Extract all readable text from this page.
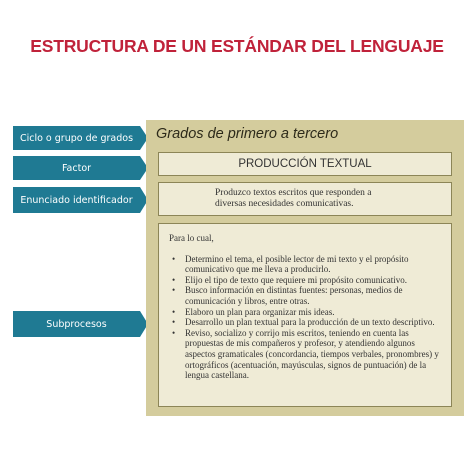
ESTRUCTURA DE UN ESTÁNDAR DEL LENGUAJE
Ciclo o grupo de grados
Factor
Enunciado identificador
Subprocesos
Grados de primero a tercero
PRODUCCIÓN TEXTUAL
Produzco textos escritos que responden a
diversas necesidades comunicativas.
Para lo cual,
• Determino el tema, el posible lector de mi texto y el propósito comunicativo que me lleva a producirlo.
• Elijo el tipo de texto que requiere mi propósito comunicativo.
• Busco información en distintas fuentes: personas, medios de comunicación y libros, entre otras.
• Elaboro un plan para organizar mis ideas.
• Desarrollo un plan textual para la producción de un texto descriptivo.
• Reviso, socializo y corrijo mis escritos, teniendo en cuenta las propuestas de mis compañeros y profesor, y atendiendo algunos aspectos gramaticales (concordancia, tiempos verbales, pronombres) y ortográficos (acentuación, mayúsculas, signos de puntuación) de la lengua castellana.
